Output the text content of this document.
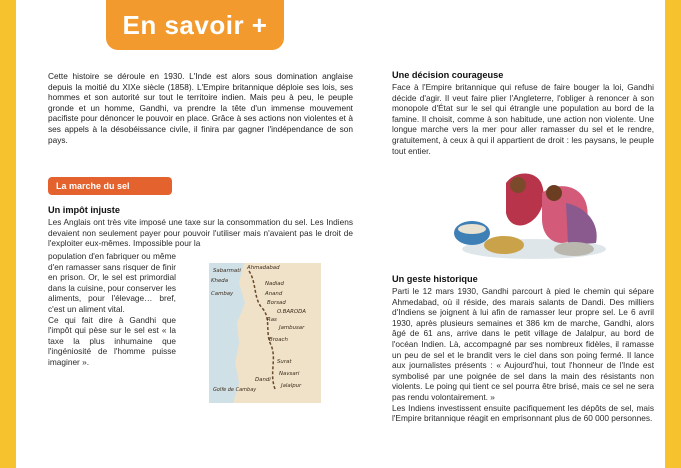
En savoir +

Cette histoire se déroule en 1930. L'Inde est alors sous domination anglaise depuis la moitié du XIXe siècle (1858). L'Empire britannique déploie ses lois, ses hommes et son autorité sur tout le territoire indien. Mais peu à peu, le peuple gronde et un homme, Gandhi, va prendre la tête d'un immense mouvement pacifiste pour dénoncer le pouvoir en place. Grâce à ses actions non violentes et à ses appels à la désobéissance civile, il finira par gagner l'indépendance de son pays.

La marche du sel

Un impôt injuste

Les Anglais ont très vite imposé une taxe sur la consommation du sel. Les Indiens devaient non seulement payer pour pouvoir l'utiliser mais n'avaient pas le droit de l'exploiter eux-mêmes. Impossible pour la

population d'en fabriquer ou même d'en ramasser sans risquer de finir en prison. Or, le sel est primordial dans la cuisine, pour conserver les aliments, pour l'élevage… bref, c'est un aliment vital.

Ce qui fait dire à Gandhi que l'impôt qui pèse sur le sel est « la taxe la plus inhumaine que l'ingéniosité de l'homme puisse imaginer ».

Sabarmati Ahmadabad
Kheda	Nadiad
Anand
Borsad
Cambay
O.BARODA
Ras
Jambusar
Broach
Surat
Dandi
Navsari
Jalalpur
Golfe de Cambay

Une décision courageuse

Face à l'Empire britannique qui refuse de faire bouger la loi, Gandhi décide d'agir. Il veut faire plier l'Angleterre, l'obliger à renoncer à son monopole d'État sur le sel qui étrangle une population au bord de la famine. Il choisit, comme à son habitude, une action non violente. Une longue marche vers la mer pour aller ramasser du sel et le rendre, gratuitement, à ceux à qui il appartient de droit : les paysans, le peuple tout entier.

Un geste historique

Parti le 12 mars 1930, Gandhi parcourt à pied le chemin qui sépare Ahmedabad, où il réside, des marais salants de Dandi. Des milliers d'Indiens se joignent à lui afin de ramasser leur propre sel. Le 6 avril 1930, après plusieurs semaines et 386 km de marche, Gandhi, alors âgé de 61 ans, arrive dans le petit village de Jalalpur, au bord de l'océan Indien. Là, accompagné par ses nombreux fidèles, il ramasse un peu de sel et le brandit vers le ciel dans son poing fermé. Il lance aux journalistes présents : « Aujourd'hui, tout l'honneur de l'Inde est symbolisé par une poignée de sel dans la main des résistants non violents. Le poing qui tient ce sel pourra être brisé, mais ce sel ne sera pas rendu volontairement. »

Les Indiens investissent ensuite pacifiquement les dépôts de sel, mais l'Empire britannique réagit en emprisonnant plus de 60 000 personnes.
